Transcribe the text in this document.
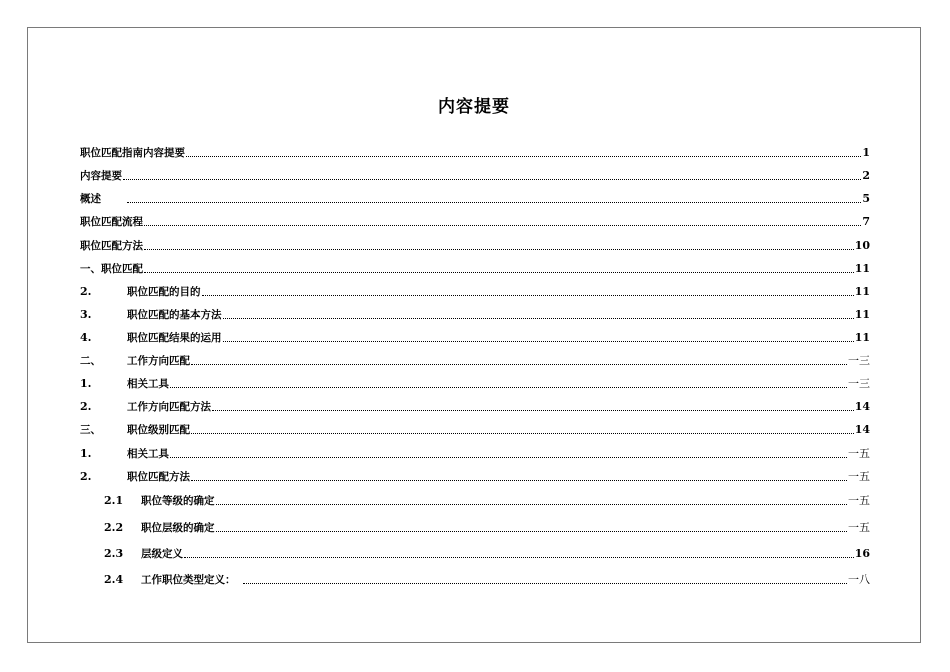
内容提要
职位匹配指南内容提要	1
内容提要	2
概述	5
职位匹配流程	7
职位匹配方法	10
一、职位匹配	11
2.	职位匹配的目的	11
3.	职位匹配的基本方法	11
4.	职位匹配结果的运用	11
二、	工作方向匹配	一三
1.	相关工具	一三
2.	工作方向匹配方法	14
三、	职位级别匹配	14
1.	相关工具	一五
2.	职位匹配方法	一五
2.1	职位等级的确定	一五
2.2	职位层级的确定	一五
2.3	层级定义	16
2.4	工作职位类型定义：	一八
